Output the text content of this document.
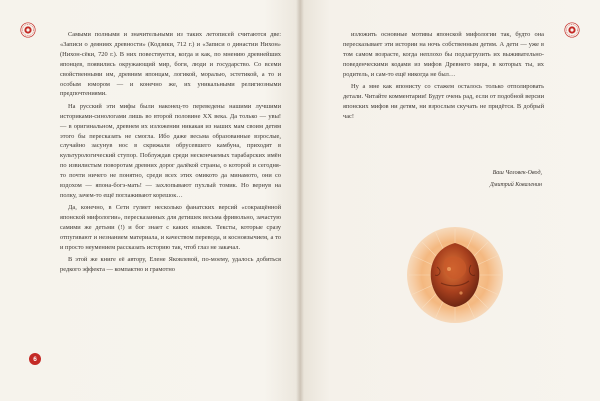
Самыми полными и значительными из таких летописей считаются две: «Записи о деяниях древности» (Кодзики, 712 г.) и «Записи о династии Нихон» (Нихон-сёки, 720 г.). В них повествуется, когда и как, по мнению древнейших японцев, появились окружающий мир, боги, люди и государство. Со всеми свойственными им, древним японцам, логикой, моралью, эстетикой, а то и особым юмором — и конечно же, их уникальными религиозными предпочтениями.

На русский эти мифы были наконец-то переведены нашими лучшими историками-синологами лишь во второй половине ХХ века. Да только — увы! — в оригинальном, древнем их изложении никакая из наших мам своим детям этого бы пересказать не смогла. Ибо даже весьма образованные взрослые, случайно засунув нос в скрижали обрусевшего камбуна, приходят в культурологический ступор. Поблуждав среди нескончаемых тарабарских имён по извилистым поворотам древних дорог далёкой страны, о которой и сегодня-то почти ничего не понятно, среди всех этих омикото да минамото, они со вздохом — япона-богэ-мать! — захлопывают пухлый томик. Но вернув на полку, зачем-то ещё поглаживают корешок…

Да, конечно, в Сети гуляет несколько фанатских версий «сокращённой японской мифологии», пересказанных для детишек весьма фривольно, зачастую самими же детьми (!) и бог знает с каких языков. Тексты, которые сразу отпугивают и незнанием материала, и качеством перевода, и косноязычием, а то и просто неумением рассказать историю так, чтоб глаз не закачал.

В этой же книге её автору, Елене Яковлевой, по-моему, удалось добиться редкого эффекта — компактно и грамотно

6

изложить основные мотивы японской мифологии так, будто она пересказывает эти истории на ночь собственным детям. А дети — уже в том самом возрасте, когда неплохо бы подзагрузить их выживательно-поведенческими кодами из мифов Древнего мира, в которых ты, их родитель, и сам-то ещё никогда не был…

Ну а мне как японисту со стажем осталось только отполировать детали. Читайте комментарии! Будут очень рад, если от подобной версии японских мифов ни детям, ни взрослым скучать не придётся. В добрый час!

Ваш Человек-Овод,
Дмитрий Коваленин
